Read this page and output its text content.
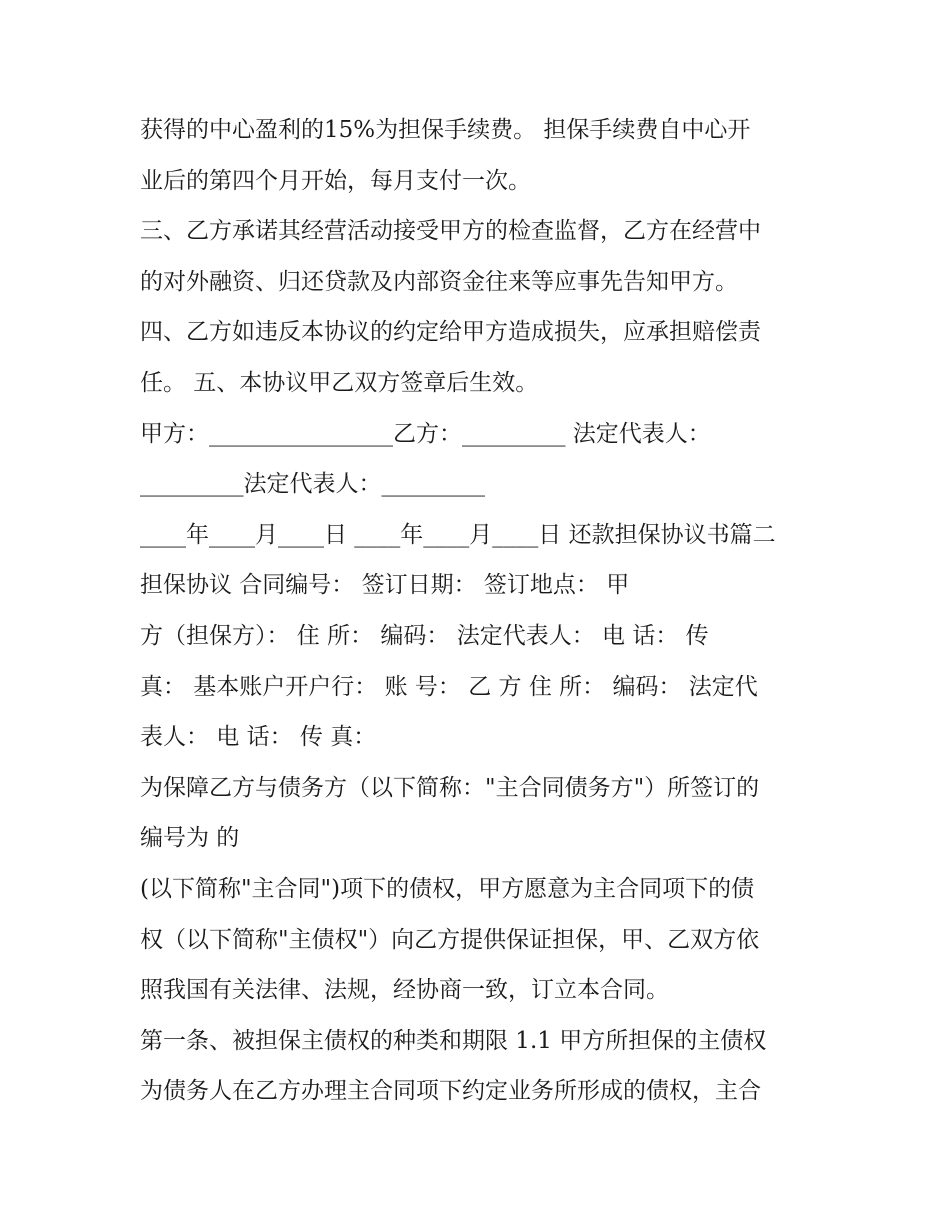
获得的中心盈利的15%为担保手续费。 担保手续费自中心开
业后的第四个月开始，每月支付一次。
三、乙方承诺其经营活动接受甲方的检查监督，乙方在经营中
的对外融资、归还贷款及内部资金往来等应事先告知甲方。
四、乙方如违反本协议的约定给甲方造成损失，应承担赔偿责
任。 五、本协议甲乙双方签章后生效。
甲方：________________乙方：_________ 法定代表人：
_________法定代表人：_________
____年____月____日 ____年____月____日 还款担保协议书篇二
担保协议 合同编号： 签订日期： 签订地点： 甲
方（担保方）： 住 所： 编码： 法定代表人： 电 话： 传
真： 基本账户开户行： 账 号： 乙 方 住 所： 编码： 法定代
表人： 电 话： 传 真：
为保障乙方与债务方（以下简称："主合同债务方"）所签订的
编号为 的
(以下简称"主合同")项下的债权，甲方愿意为主合同项下的债
权（以下简称"主债权"）向乙方提供保证担保，甲、乙双方依
照我国有关法律、法规，经协商一致，订立本合同。
第一条、被担保主债权的种类和期限 1.1 甲方所担保的主债权
为债务人在乙方办理主合同项下约定业务所形成的债权，主合
